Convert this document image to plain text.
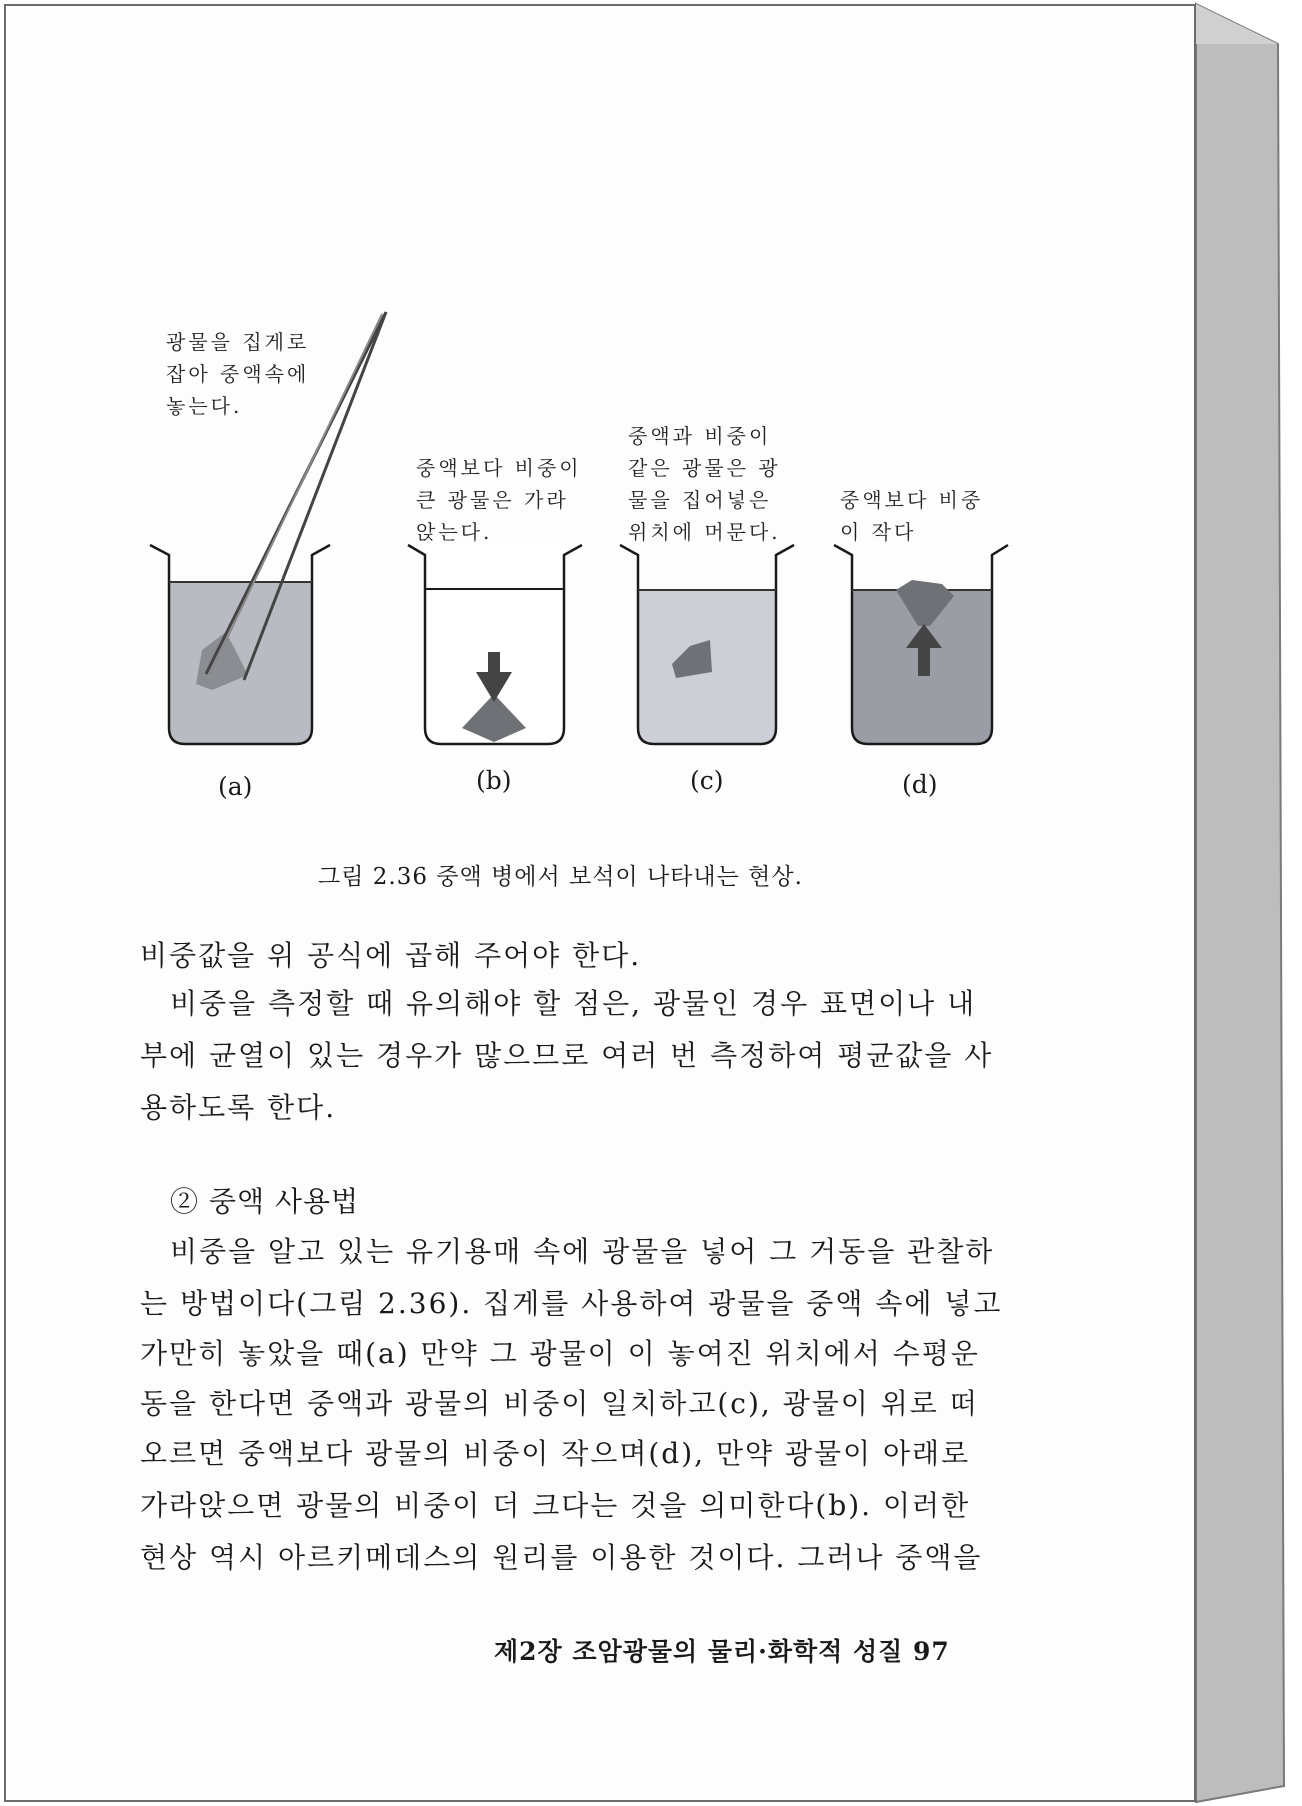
광물을 집게로
잡아 중액속에
놓는다.
중액보다 비중이
큰 광물은 가라
앉는다.
중액과 비중이
같은 광물은 광
물을 집어넣은
위치에 머문다.
중액보다 비중
이 작다
(a)	(b)	(c)	(d)
그림 2.36 중액 병에서 보석이 나타내는 현상.
비중값을 위 공식에 곱해 주어야 한다.
비중을 측정할 때 유의해야 할 점은, 광물인 경우 표면이나 내
부에 균열이 있는 경우가 많으므로 여러 번 측정하여 평균값을 사
용하도록 한다.
② 중액 사용법
비중을 알고 있는 유기용매 속에 광물을 넣어 그 거동을 관찰하
는 방법이다(그림 2.36). 집게를 사용하여 광물을 중액 속에 넣고
가만히 놓았을 때(a) 만약 그 광물이 이 놓여진 위치에서 수평운
동을 한다면 중액과 광물의 비중이 일치하고(c), 광물이 위로 떠
오르면 중액보다 광물의 비중이 작으며(d), 만약 광물이 아래로
가라앉으면 광물의 비중이 더 크다는 것을 의미한다(b). 이러한
현상 역시 아르키메데스의 원리를 이용한 것이다. 그러나 중액을
제2장 조암광물의 물리·화학적 성질 97
